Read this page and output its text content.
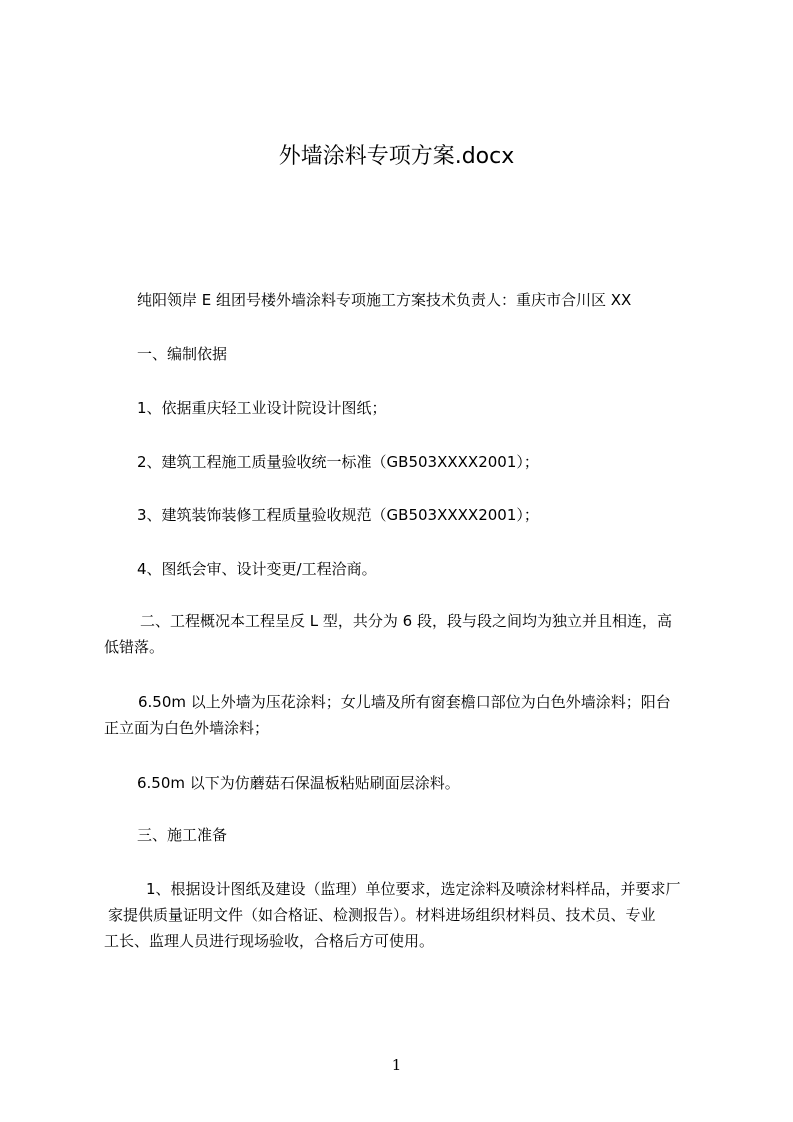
外墙涂料专项方案.docx
纯阳领岸 E 组团号楼外墙涂料专项施工方案技术负责人：重庆市合川区 XX
一、编制依据
1、依据重庆轻工业设计院设计图纸；
2、建筑工程施工质量验收统一标准（GB503XXXX2001）；
3、建筑装饰装修工程质量验收规范（GB503XXXX2001）；
4、图纸会审、设计变更/工程洽商。
二、工程概况本工程呈反 L 型，共分为 6 段，段与段之间均为独立并且相连，高
低错落。
6.50m 以上外墙为压花涂料；女儿墙及所有窗套檐口部位为白色外墙涂料；阳台
正立面为白色外墙涂料；
6.50m 以下为仿蘑菇石保温板粘贴刷面层涂料。
三、施工准备
1、根据设计图纸及建设（监理）单位要求，选定涂料及喷涂材料样品，并要求厂
家提供质量证明文件（如合格证、检测报告）。材料进场组织材料员、技术员、专业
工长、监理人员进行现场验收，合格后方可使用。
1
